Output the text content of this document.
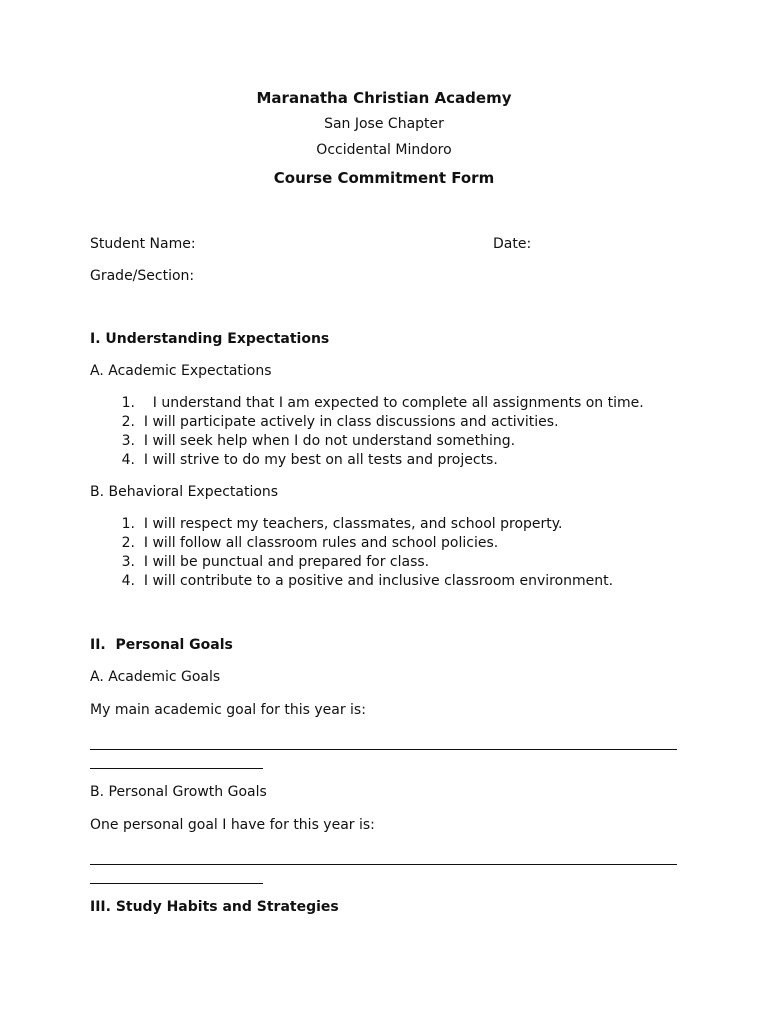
Maranatha Christian Academy
San Jose Chapter
Occidental Mindoro
Course Commitment Form
Student Name:	Date:
Grade/Section:
I. Understanding Expectations
A. Academic Expectations
1.    I understand that I am expected to complete all assignments on time.
2. I will participate actively in class discussions and activities.
3. I will seek help when I do not understand something.
4. I will strive to do my best on all tests and projects.
B. Behavioral Expectations
1. I will respect my teachers, classmates, and school property.
2. I will follow all classroom rules and school policies.
3. I will be punctual and prepared for class.
4. I will contribute to a positive and inclusive classroom environment.
II.  Personal Goals
A. Academic Goals
My main academic goal for this year is:
B. Personal Growth Goals
One personal goal I have for this year is:
III. Study Habits and Strategies
